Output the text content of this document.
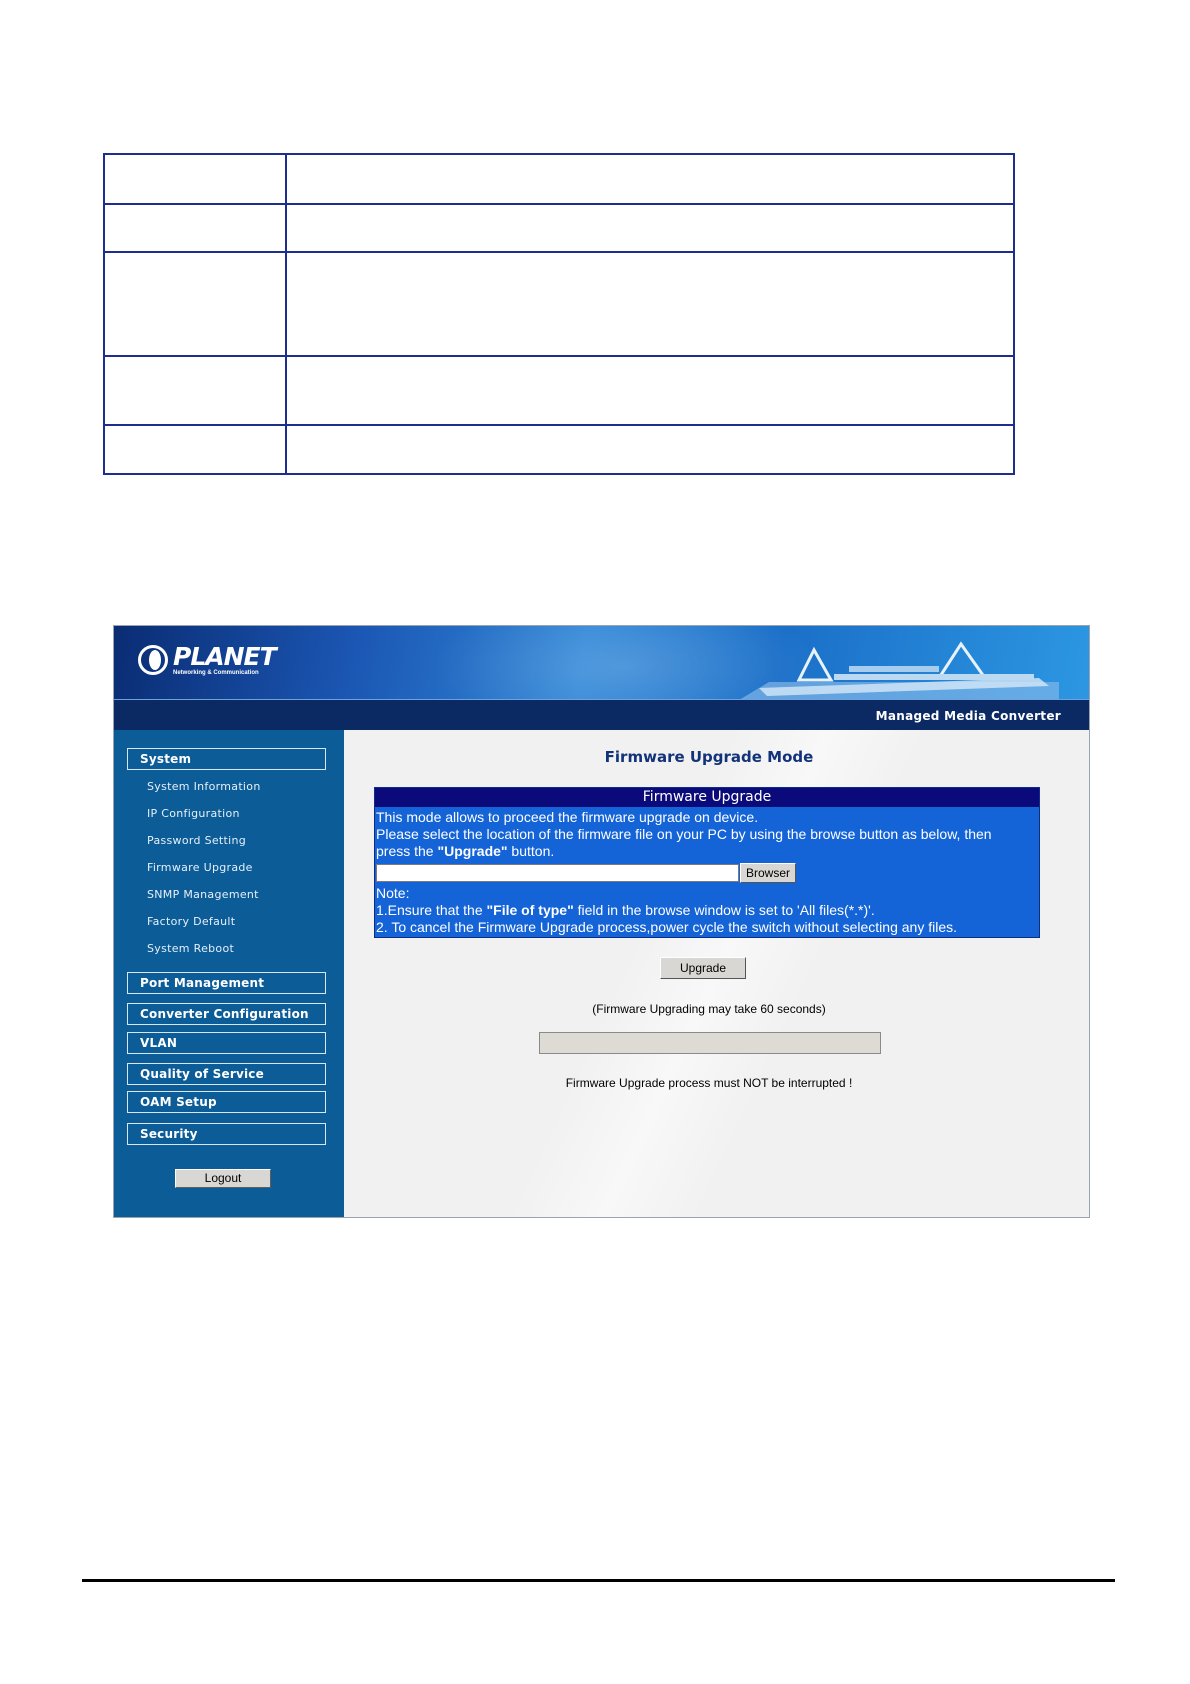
PLANET
Networking & Communication
Managed Media Converter
System
System Information
IP Configuration
Password Setting
Firmware Upgrade
SNMP Management
Factory Default
System Reboot
Port Management
Converter Configuration
VLAN
Quality of Service
OAM Setup
Security
Logout
Firmware Upgrade Mode
Firmware Upgrade
This mode allows to proceed the firmware upgrade on device.
Please select the location of the firmware file on your PC by using the browse button as below, then
press the "Upgrade" button.
Browser
Note:
1.Ensure that the "File of type" field in the browse window is set to 'All files(*.*)'.
2. To cancel the Firmware Upgrade process,power cycle the switch without selecting any files.
Upgrade
(Firmware Upgrading may take 60 seconds)
Firmware Upgrade process must NOT be interrupted !
